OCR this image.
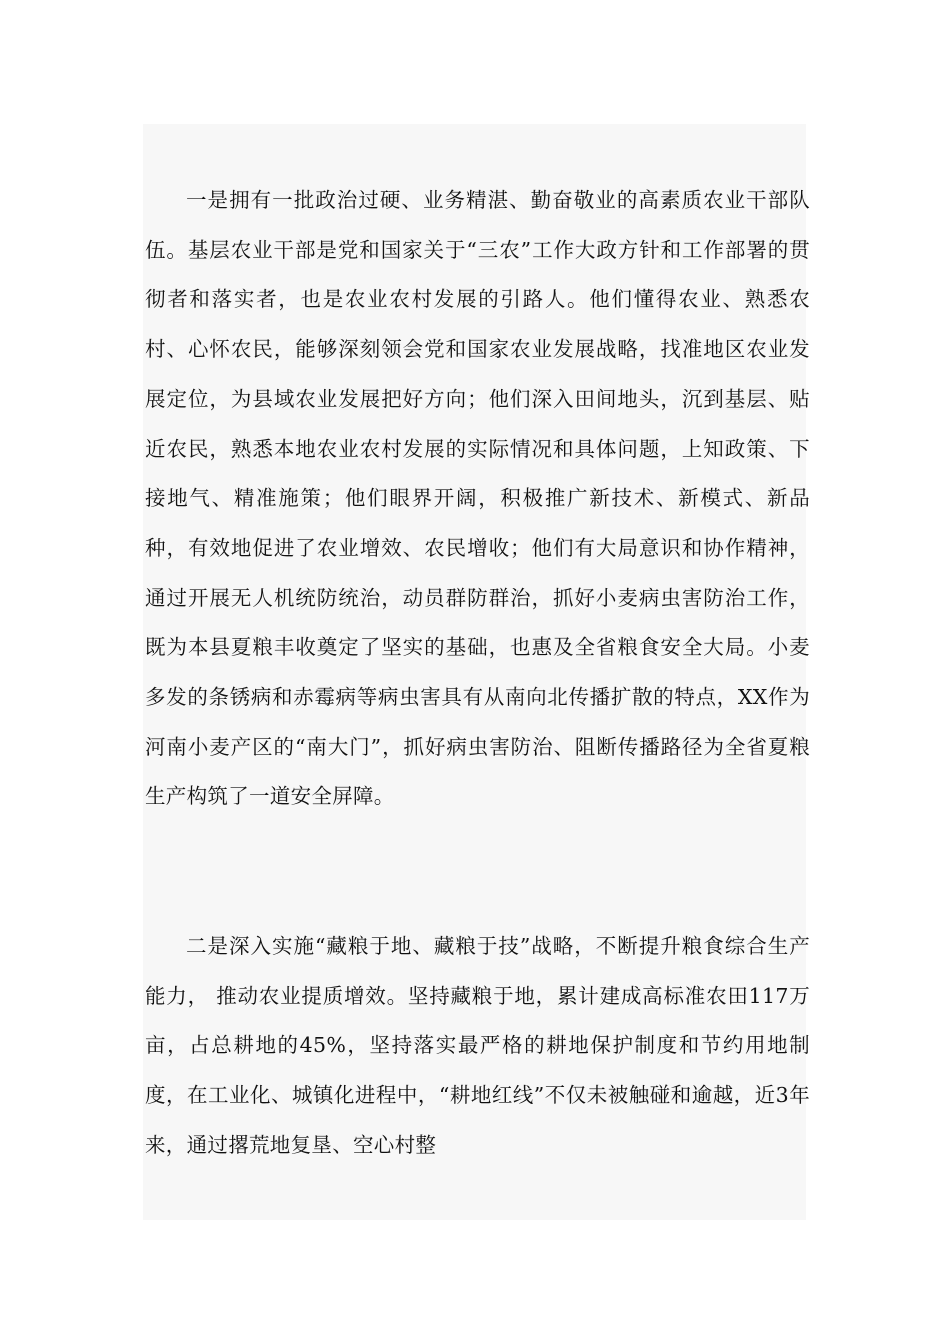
一是拥有一批政治过硬、业务精湛、勤奋敬业的高素质农业干部队伍。基层农业干部是党和国家关于“三农”工作大政方针和工作部署的贯彻者和落实者，也是农业农村发展的引路人。他们懂得农业、熟悉农村、心怀农民，能够深刻领会党和国家农业发展战略，找准地区农业发展定位，为县域农业发展把好方向；他们深入田间地头，沉到基层、贴近农民，熟悉本地农业农村发展的实际情况和具体问题，上知政策、下接地气、精准施策；他们眼界开阔，积极推广新技术、新模式、新品种，有效地促进了农业增效、农民增收；他们有大局意识和协作精神，通过开展无人机统防统治，动员群防群治，抓好小麦病虫害防治工作，既为本县夏粮丰收奠定了坚实的基础，也惠及全省粮食安全大局。小麦多发的条锈病和赤霉病等病虫害具有从南向北传播扩散的特点，XX作为河南小麦产区的“南大门”，抓好病虫害防治、阻断传播路径为全省夏粮生产构筑了一道安全屏障。

二是深入实施“藏粮于地、藏粮于技”战略，不断提升粮食综合生产能力， 推动农业提质增效。坚持藏粮于地，累计建成高标准农田117万亩，占总耕地的45%，坚持落实最严格的耕地保护制度和节约用地制度，在工业化、城镇化进程中，“耕地红线”不仅未被触碰和逾越，近3年来，通过撂荒地复垦、空心村整
